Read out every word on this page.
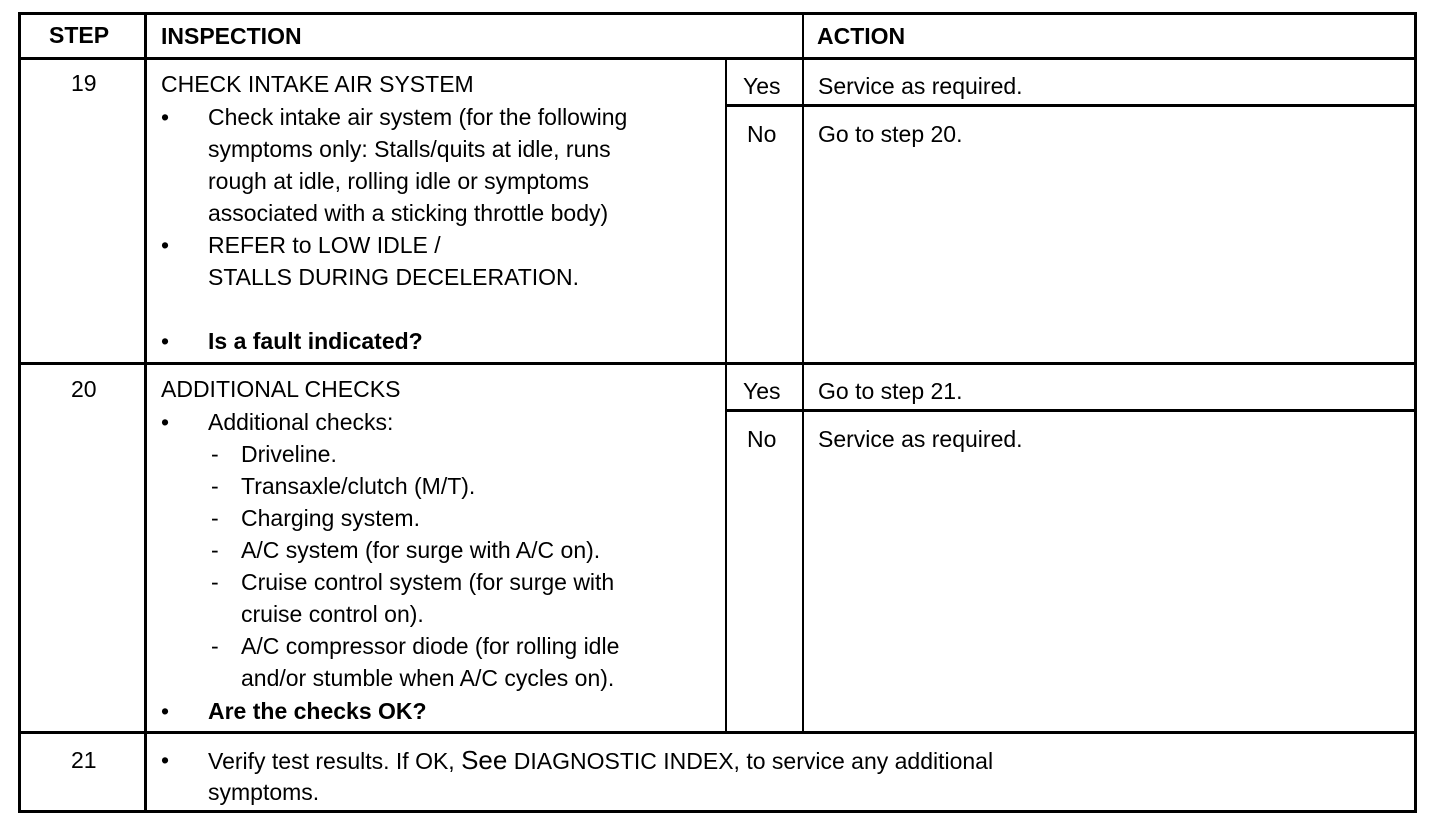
STEP INSPECTION	ACTION
19	CHECK INTAKE AIR SYSTEM
• Check intake air system (for the following
symptoms only: Stalls/quits at idle, runs
rough at idle, rolling idle or symptoms
associated with a sticking throttle body)
• REFER to LOW IDLE /
STALLS DURING DECELERATION.
• Is a fault indicated?
Yes Service as required.
No Go to step 20.
20	ADDITIONAL CHECKS
• Additional checks:
- Driveline.
- Transaxle/clutch (M/T).
- Charging system.
- A/C system (for surge with A/C on).
- Cruise control system (for surge with
cruise control on).
- A/C compressor diode (for rolling idle
and/or stumble when A/C cycles on).
• Are the checks OK?
Yes Go to step 21.
No Service as required.
21	• Verify test results. If OK, See DIAGNOSTIC INDEX, to service any additional
symptoms.
